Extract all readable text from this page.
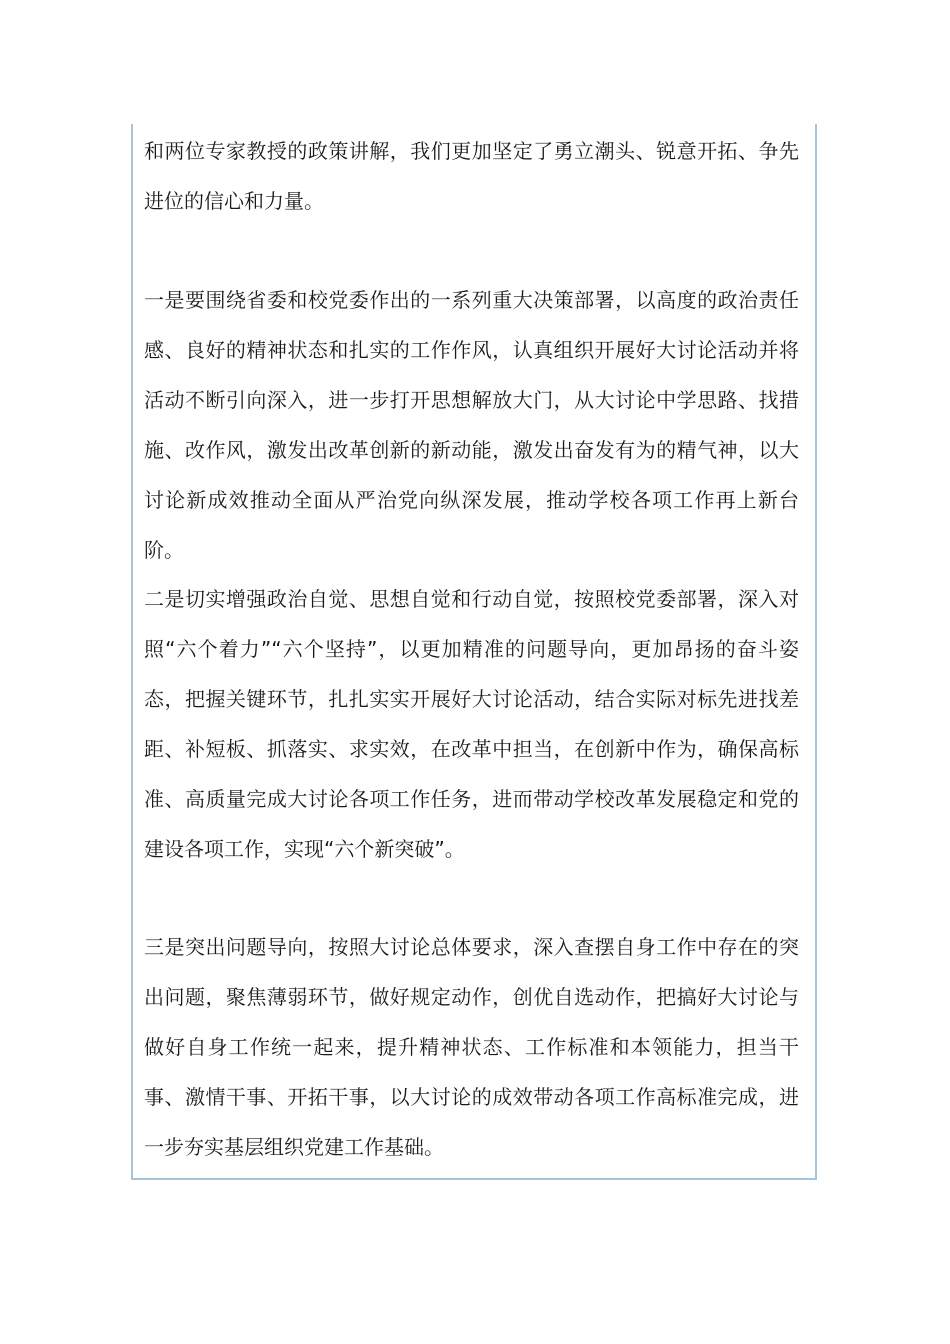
和两位专家教授的政策讲解，我们更加坚定了勇立潮头、锐意开拓、争先进位的信心和力量。

一是要围绕省委和校党委作出的一系列重大决策部署，以高度的政治责任感、良好的精神状态和扎实的工作作风，认真组织开展好大讨论活动并将活动不断引向深入，进一步打开思想解放大门，从大讨论中学思路、找措施、改作风，激发出改革创新的新动能，激发出奋发有为的精气神，以大讨论新成效推动全面从严治党向纵深发展，推动学校各项工作再上新台阶。

二是切实增强政治自觉、思想自觉和行动自觉，按照校党委部署，深入对照“六个着力”“六个坚持”，以更加精准的问题导向，更加昂扬的奋斗姿态，把握关键环节，扎扎实实开展好大讨论活动，结合实际对标先进找差距、补短板、抓落实、求实效，在改革中担当，在创新中作为，确保高标准、高质量完成大讨论各项工作任务，进而带动学校改革发展稳定和党的建设各项工作，实现“六个新突破”。

三是突出问题导向，按照大讨论总体要求，深入查摆自身工作中存在的突出问题，聚焦薄弱环节，做好规定动作，创优自选动作，把搞好大讨论与做好自身工作统一起来，提升精神状态、工作标准和本领能力，担当干事、激情干事、开拓干事，以大讨论的成效带动各项工作高标准完成，进一步夯实基层组织党建工作基础。
